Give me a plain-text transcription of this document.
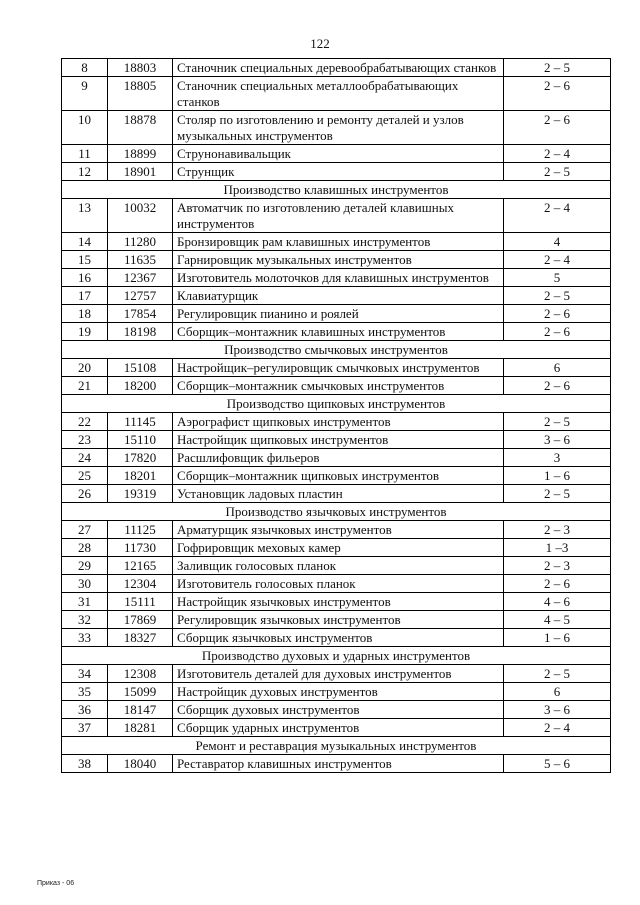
122
8	18803	Станочник специальных деревообрабатывающих станков	2 – 5
9	18805	Станочник специальных металлообрабатывающих станков	2 – 6
10	18878	Столяр по изготовлению и ремонту деталей и узлов музыкальных инструментов	2 – 6
11	18899	Струнонавивальщик	2 – 4
12	18901	Струнщик	2 – 5
Производство клавишных инструментов			
13	10032	Автоматчик по изготовлению деталей клавишных инструментов	2 – 4
14	11280	Бронзировщик рам клавишных инструментов	4
15	11635	Гарнировщик музыкальных инструментов	2 – 4
16	12367	Изготовитель молоточков для клавишных инструментов	5
17	12757	Клавиатурщик	2 – 5
18	17854	Регулировщик пианино и роялей	2 – 6
19	18198	Сборщик–монтажник клавишных инструментов	2 – 6
Производство смычковых инструментов			
20	15108	Настройщик–регулировщик смычковых инструментов	6
21	18200	Сборщик–монтажник смычковых инструментов	2 – 6
Производство щипковых инструментов			
22	11145	Аэрографист щипковых инструментов	2 – 5
23	15110	Настройщик щипковых инструментов	3 – 6
24	17820	Расшлифовщик фильеров	3
25	18201	Сборщик–монтажник щипковых инструментов	1 – 6
26	19319	Установщик ладовых пластин	2 – 5
Производство язычковых инструментов			
27	11125	Арматурщик язычковых инструментов	2 – 3
28	11730	Гофрировщик меховых камер	1 –3
29	12165	Заливщик голосовых планок	2 – 3
30	12304	Изготовитель голосовых планок	2 – 6
31	15111	Настройщик язычковых инструментов	4 – 6
32	17869	Регулировщик язычковых инструментов	4 – 5
33	18327	Сборщик язычковых инструментов	1 – 6
Производство духовых и ударных инструментов			
34	12308	Изготовитель деталей для духовых инструментов	2 – 5
35	15099	Настройщик духовых инструментов	6
36	18147	Сборщик духовых инструментов	3 – 6
37	18281	Сборщик ударных инструментов	2 – 4
Ремонт и реставрация музыкальных инструментов			
38	18040	Реставратор клавишных инструментов	5 – 6
Приказ - 06
